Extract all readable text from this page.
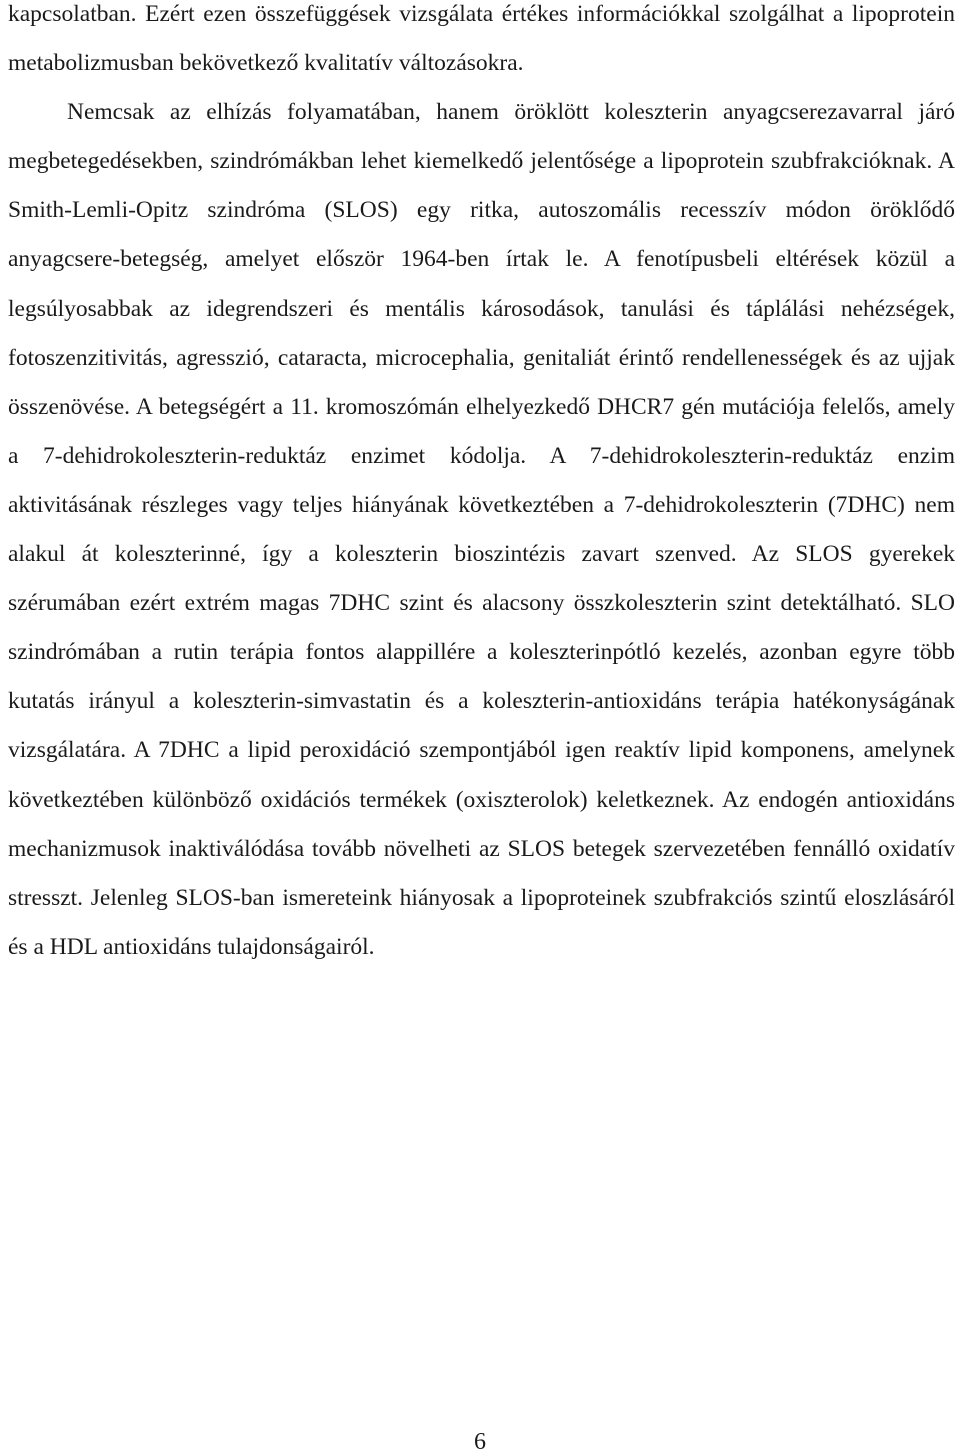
kapcsolatban. Ezért ezen összefüggések vizsgálata értékes információkkal szolgálhat a lipoprotein metabolizmusban bekövetkező kvalitatív változásokra.

Nemcsak az elhízás folyamatában, hanem öröklött koleszterin anyagcserezavarral járó megbetegedésekben, szindrómákban lehet kiemelkedő jelentősége a lipoprotein szubfrakcióknak. A Smith-Lemli-Opitz szindróma (SLOS) egy ritka, autoszomális recesszív módon öröklődő anyagcsere-betegség, amelyet először 1964-ben írtak le. A fenotípusbeli eltérések közül a legsúlyosabbak az idegrendszeri és mentális károsodások, tanulási és táplálási nehézségek, fotoszenzitivitás, agresszió, cataracta, microcephalia, genitaliát érintő rendellenességek és az ujjak összenövése. A betegségért a 11. kromoszómán elhelyezkedő DHCR7 gén mutációja felelős, amely a 7-dehidrokoleszterin-reduktáz enzimet kódolja. A 7-dehidrokoleszterin-reduktáz enzim aktivitásának részleges vagy teljes hiányának következtében a 7-dehidrokoleszterin (7DHC) nem alakul át koleszterinné, így a koleszterin bioszintézis zavart szenved. Az SLOS gyerekek szérumában ezért extrém magas 7DHC szint és alacsony összkoleszterin szint detektálható. SLO szindrómában a rutin terápia fontos alappillére a koleszterinpótló kezelés, azonban egyre több kutatás irányul a koleszterin-simvastatin és a koleszterin-antioxidáns terápia hatékonyságának vizsgálatára. A 7DHC a lipid peroxidáció szempontjából igen reaktív lipid komponens, amelynek következtében különböző oxidációs termékek (oxiszterolok) keletkeznek. Az endogén antioxidáns mechanizmusok inaktiválódása tovább növelheti az SLOS betegek szervezetében fennálló oxidatív stresszt. Jelenleg SLOS-ban ismereteink hiányosak a lipoproteinek szubfrakciós szintű eloszlásáról és a HDL antioxidáns tulajdonságairól.

6
